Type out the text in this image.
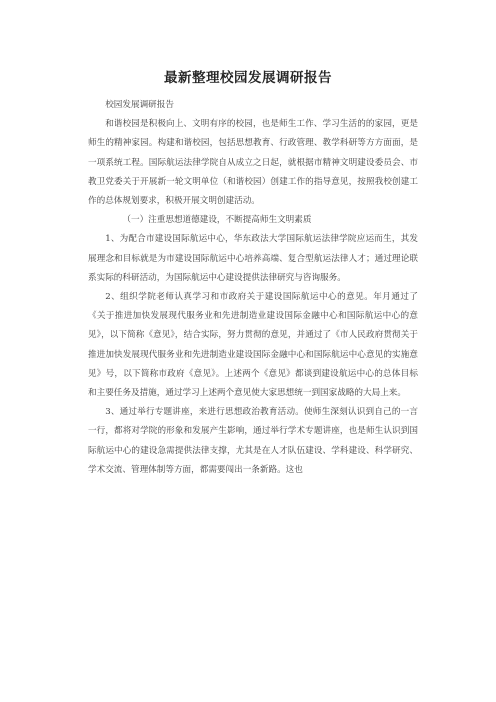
最新整理校园发展调研报告

校园发展调研报告

和谐校园是积极向上、文明有序的校园，也是师生工作、学习生活的的家园，更是师生的精神家园。构建和谐校园，包括思想教育、行政管理、教学科研等方方面面，是一项系统工程。国际航运法律学院自从成立之日起，就根据市精神文明建设委员会、市教卫党委关于开展新一轮文明单位（和谐校园）创建工作的指导意见，按照我校创建工作的总体规划要求，积极开展文明创建活动。

（一）注重思想道德建设，不断提高师生文明素质

1、为配合市建设国际航运中心，华东政法大学国际航运法律学院应运而生，其发展理念和目标就是为市建设国际航运中心培养高端、复合型航运法律人才；通过理论联系实际的科研活动，为国际航运中心建设提供法律研究与咨询服务。

2、组织学院老师认真学习和市政府关于建设国际航运中心的意见。年月通过了《关于推进加快发展现代服务业和先进制造业建设国际金融中心和国际航运中心的意见》，以下简称《意见》，结合实际，努力贯彻的意见，并通过了《市人民政府贯彻关于推进加快发展现代服务业和先进制造业建设国际金融中心和国际航运中心意见的实施意见》号，以下简称市政府《意见》。上述两个《意见》都谈到建设航运中心的总体目标和主要任务及措施，通过学习上述两个意见使大家思想统一到国家战略的大局上来。

3、通过举行专题讲座，来进行思想政治教育活动。使师生深刻认识到自己的一言一行，都将对学院的形象和发展产生影响，通过举行学术专题讲座，也是师生认识到国际航运中心的建设急需提供法律支撑，尤其是在人才队伍建设、学科建设、科学研究、学术交流、管理体制等方面，都需要闯出一条新路。这也
